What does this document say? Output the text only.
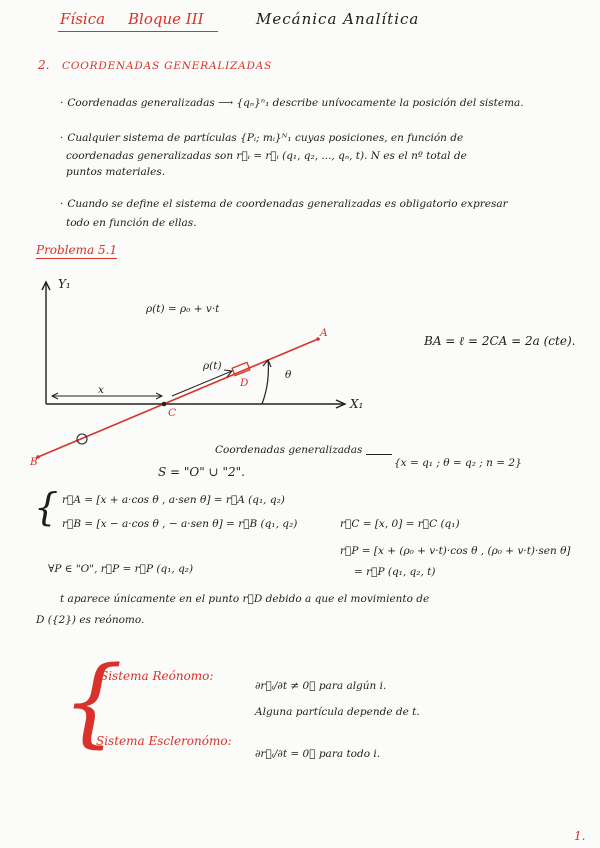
Física Bloque III	Mecánica Analítica
2. COORDENADAS GENERALIZADAS
· Coordenadas generalizadas ⟶ {qₙ}ⁿ₁ describe unívocamente la posición del sistema.
· Cualquier sistema de partículas {Pᵢ; mᵢ}ᴺ₁ cuyas posiciones, en función de
coordenadas generalizadas son r⃗ᵢ = r⃗ᵢ (q₁, q₂, ..., qₙ, t). N es el nº total de
puntos materiales.
· Cuando se define el sistema de coordenadas generalizadas es obligatorio expresar
todo en función de ellas.
Problema 5.1
Y₁
X₁
ρ(t) = ρ₀ + v·t
ρ(t)
x
θ
A
B
C
D
BA = ℓ = 2CA = 2a (cte).
Coordenadas generalizadas
{x = q₁ ; θ = q₂ ; n = 2}
S = "O" ∪ "2".
{ r⃗A = [x + a·cos θ , a·sen θ] = r⃗A (q₁, q₂)
r⃗B = [x − a·cos θ , − a·sen θ] = r⃗B (q₁, q₂)
∀P ∈ "O", r⃗P = r⃗P (q₁, q₂)
r⃗C = [x, 0] = r⃗C (q₁)
r⃗P = [x + (ρ₀ + v·t)·cos θ , (ρ₀ + v·t)·sen θ]
= r⃗P (q₁, q₂, t)
t aparece únicamente en el punto r⃗D debido a que el movimiento de
D ({2}) es reónomo.
{
Sistema Reónomo:
∂r⃗ᵢ/∂t ≠ 0⃗ para algún i.
Alguna partícula depende de t.
Sistema Escleronómo:
∂r⃗ᵢ/∂t = 0⃗ para todo i.
1.
